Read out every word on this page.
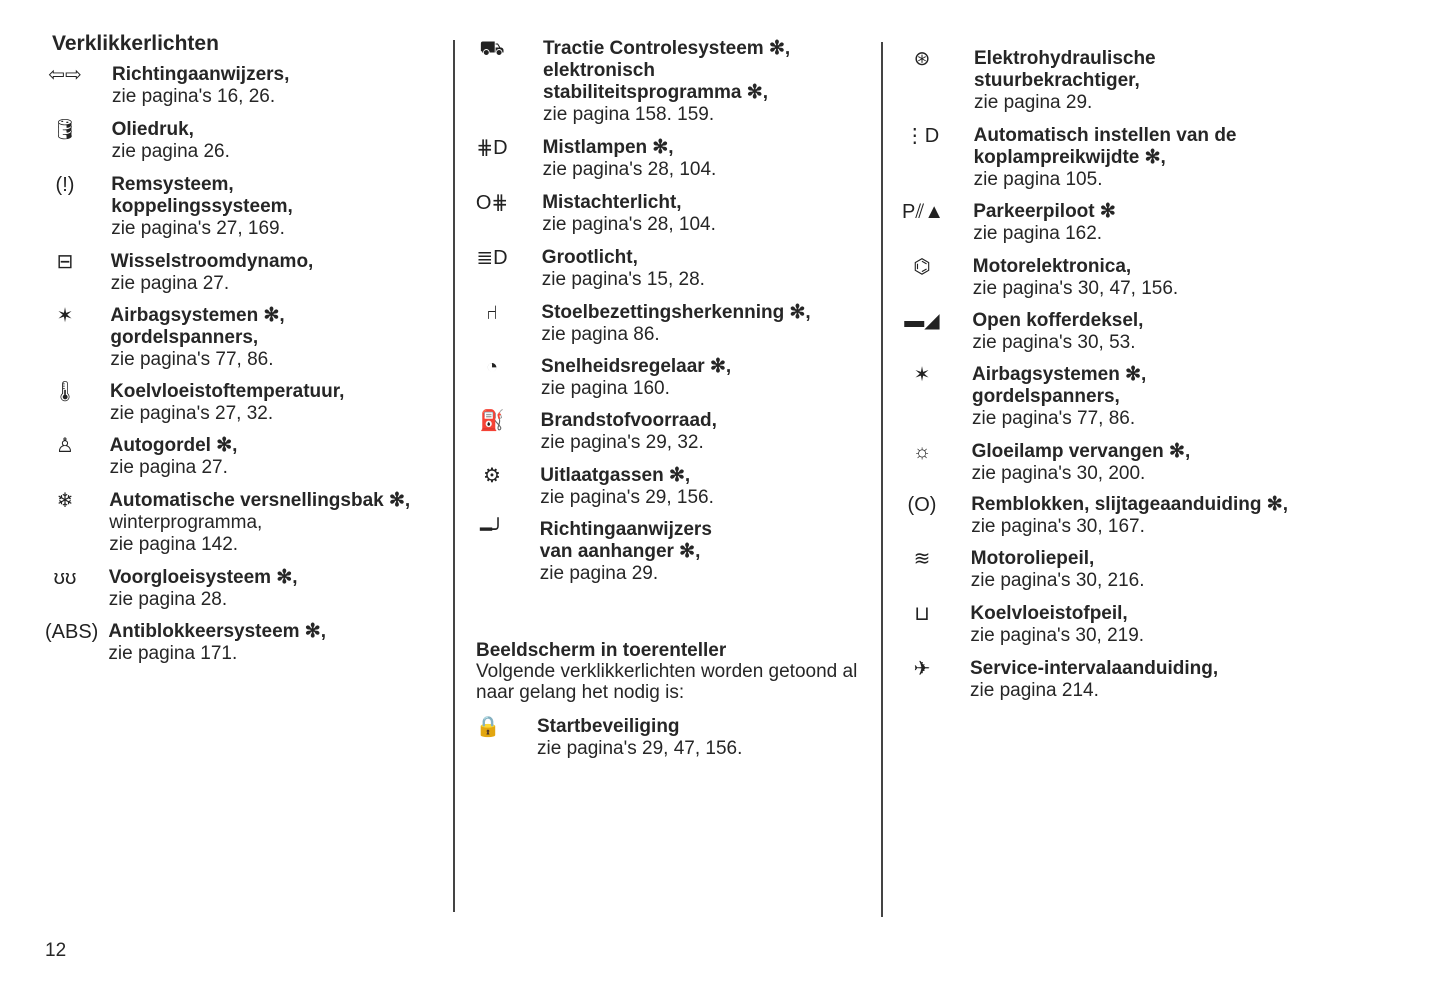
Verklikkerlichten
⇦⇨ Richtingaanwijzers,
zie pagina's 16, 26.
🛢	Oliedruk,
zie pagina 26.
(!)	Remsysteem,
koppelingssysteem,
zie pagina's 27, 169.
⊟	Wisselstroomdynamo,
zie pagina 27.
✶	Airbagsystemen ✻,
gordelspanners,
zie pagina's 77, 86.
🌡	Koelvloeistoftemperatuur,
zie pagina's 27, 32.
♙	Autogordel ✻,
zie pagina 27.
❄	Automatische versnellingsbak ✻,
winterprogramma,
zie pagina 142.
ʊʊ	Voorgloeisysteem ✻,
zie pagina 28.
(ABS) Antiblokkeersysteem ✻,
zie pagina 171.
⛟	Tractie Controlesysteem ✻,
elektronisch
stabiliteitsprogramma ✻,
zie pagina 158. 159.
⋕D Mistlampen ✻,
zie pagina's 28, 104.
O⋕ Mistachterlicht,
zie pagina's 28, 104.
≣D Grootlicht,
zie pagina's 15, 28.
⑁	Stoelbezettingsherkenning ✻,
zie pagina 86.
◔	Snelheidsregelaar ✻,
zie pagina 160.
⛽	Brandstofvoorraad,
zie pagina's 29, 32.
⚙	Uitlaatgassen ✻,
zie pagina's 29, 156.
━╯	Richtingaanwijzers
van aanhanger ✻,
zie pagina 29.
⊛	Elektrohydraulische
stuurbekrachtiger,
zie pagina 29.
⋮D Automatisch instellen van de
koplampreikwijdte ✻,
zie pagina 105.
P⫽▲ Parkeerpiloot ✻
zie pagina 162.
⌬	Motorelektronica,
zie pagina's 30, 47, 156.
▬◢ Open kofferdeksel,
zie pagina's 30, 53.
✶	Airbagsystemen ✻,
gordelspanners,
zie pagina's 77, 86.
☼	Gloeilamp vervangen ✻,
zie pagina's 30, 200.
(O) Remblokken, slijtageaanduiding ✻,
zie pagina's 30, 167.
≋	Motoroliepeil,
zie pagina's 30, 216.
⊔	Koelvloeistofpeil,
zie pagina's 30, 219.
✈	Service-intervalaanduiding,
zie pagina 214.
🔒	Startbeveiliging
zie pagina's 29, 47, 156.
Beeldscherm in toerenteller
Volgende verklikkerlichten worden getoond al
naar gelang het nodig is:
12
